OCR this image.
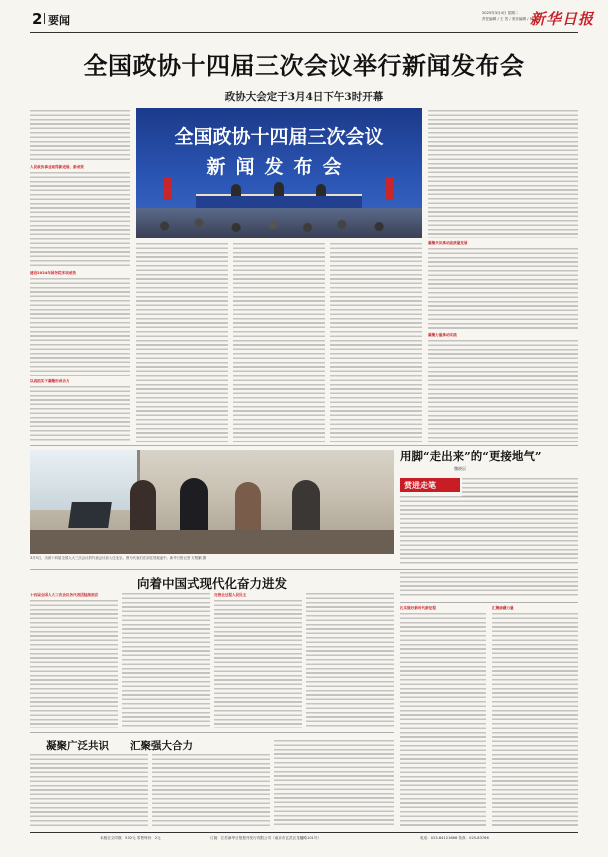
2 要闻
2025年3月4日 星期二
责任编辑 / 王 签 / 美术编辑 / 何 颖
新华日报
全国政协十四届三次会议举行新闻发布会
政协大会定于3月4日下午3时开幕
人民政协事业取得新进展、新成效
建设2024年国务院多项成效
以真抓实干凝聚形成合力
全国政协十四届三次会议
新闻发布会
凝聚共识推动高质量发展
凝聚力量推动实践
3月3日，出席十四届全国人大三次会议的代表会议前入住北京。图为代表们在前往驻地途中。新华日报记者 万程鹏 摄
用脚“走出来”的“更接地气”
魏晓辰
赏进走笔
向着中国式现代化奋力进发
十四届全国人大三次会议各代表团陆续抵京	完善全过程人民民主
扎实做好新时代新征程	汇聚磅礴力量
凝聚广泛共识 汇聚强大合力
本版全文印数：532元 零售每份：2元	订阅：江苏新华日报报刊发行有限公司（南京市玄武区龙蟠路101号）	电话：025-84121666 传真：025-83766
